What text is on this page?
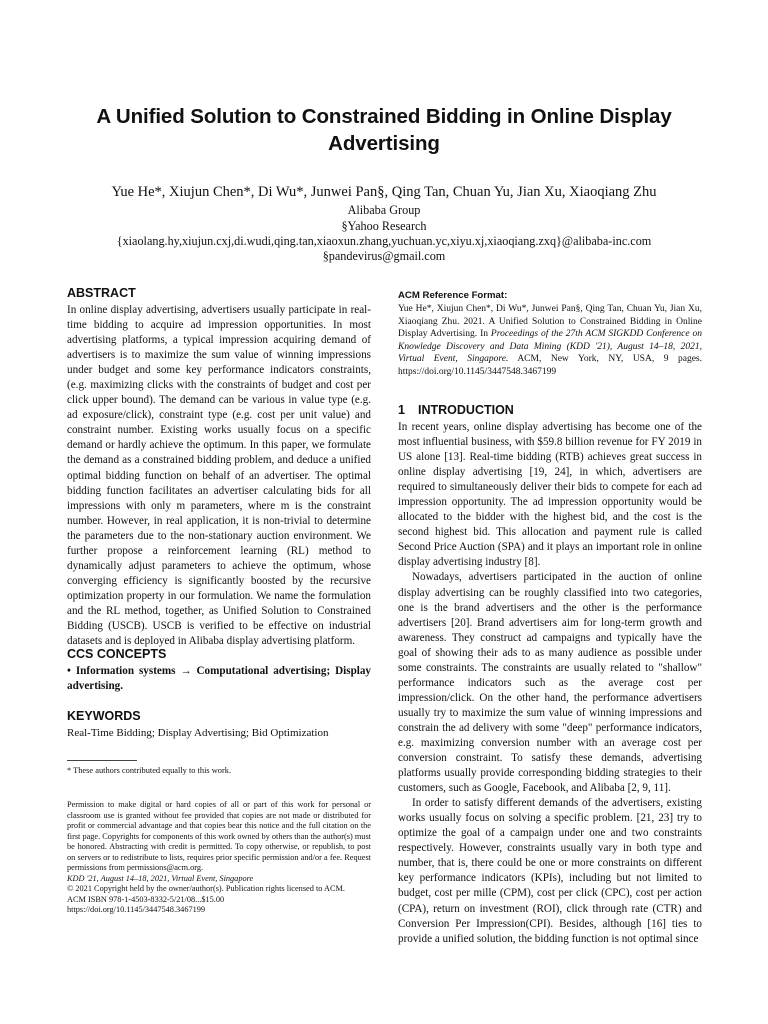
A Unified Solution to Constrained Bidding in Online Display Advertising
Yue He*, Xiujun Chen*, Di Wu*, Junwei Pan§, Qing Tan, Chuan Yu, Jian Xu, Xiaoqiang Zhu
Alibaba Group
§Yahoo Research
{xiaolang.hy,xiujun.cxj,di.wudi,qing.tan,xiaoxun.zhang,yuchuan.yc,xiyu.xj,xiaoqiang.zxq}@alibaba-inc.com
§pandevirus@gmail.com
ABSTRACT
In online display advertising, advertisers usually participate in real-time bidding to acquire ad impression opportunities. In most advertising platforms, a typical impression acquiring demand of advertisers is to maximize the sum value of winning impressions under budget and some key performance indicators constraints, (e.g. maximizing clicks with the constraints of budget and cost per click upper bound). The demand can be various in value type (e.g. ad exposure/click), constraint type (e.g. cost per unit value) and constraint number. Existing works usually focus on a specific demand or hardly achieve the optimum. In this paper, we formulate the demand as a constrained bidding problem, and deduce a unified optimal bidding function on behalf of an advertiser. The optimal bidding function facilitates an advertiser calculating bids for all impressions with only m parameters, where m is the constraint number. However, in real application, it is non-trivial to determine the parameters due to the non-stationary auction environment. We further propose a reinforcement learning (RL) method to dynamically adjust parameters to achieve the optimum, whose converging efficiency is significantly boosted by the recursive optimization property in our formulation. We name the formulation and the RL method, together, as Unified Solution to Constrained Bidding (USCB). USCB is verified to be effective on industrial datasets and is deployed in Alibaba display advertising platform.
CCS CONCEPTS
• Information systems → Computational advertising; Display advertising.
KEYWORDS
Real-Time Bidding; Display Advertising; Bid Optimization
* These authors contributed equally to this work.

Permission to make digital or hard copies of all or part of this work for personal or classroom use is granted without fee provided that copies are not made or distributed for profit or commercial advantage and that copies bear this notice and the full citation on the first page. Copyrights for components of this work owned by others than the author(s) must be honored. Abstracting with credit is permitted. To copy otherwise, or republish, to post on servers or to redistribute to lists, requires prior specific permission and/or a fee. Request permissions from permissions@acm.org.

KDD '21, August 14–18, 2021, Virtual Event, Singapore

© 2021 Copyright held by the owner/author(s). Publication rights licensed to ACM.

ACM ISBN 978-1-4503-8332-5/21/08...$15.00

https://doi.org/10.1145/3447548.3467199

ACM Reference Format:
Yue He*, Xiujun Chen*, Di Wu*, Junwei Pan§, Qing Tan, Chuan Yu, Jian Xu, Xiaoqiang Zhu. 2021. A Unified Solution to Constrained Bidding in Online Display Advertising. In Proceedings of the 27th ACM SIGKDD Conference on Knowledge Discovery and Data Mining (KDD '21), August 14–18, 2021, Virtual Event, Singapore. ACM, New York, NY, USA, 9 pages. https://doi.org/10.1145/3447548.3467199
1 INTRODUCTION

In recent years, online display advertising has become one of the most influential business, with $59.8 billion revenue for FY 2019 in US alone [13]. Real-time bidding (RTB) achieves great success in online display advertising [19, 24], in which, advertisers are required to simultaneously deliver their bids to compete for each ad impression opportunity. The ad impression opportunity would be allocated to the bidder with the highest bid, and the cost is the second highest bid. This allocation and payment rule is called Second Price Auction (SPA) and it plays an important role in online display advertising industry [8].

Nowadays, advertisers participated in the auction of online display advertising can be roughly classified into two categories, one is the brand advertisers and the other is the performance advertisers [20]. Brand advertisers aim for long-term growth and awareness. They construct ad campaigns and typically have the goal of showing their ads to as many audience as possible under some constraints. The constraints are usually related to "shallow" performance indicators such as the average cost per impression/click. On the other hand, the performance advertisers usually try to maximize the sum value of winning impressions and constrain the ad delivery with some "deep" performance indicators, e.g. maximizing conversion number with an average cost per conversion constraint. To satisfy these demands, advertising platforms usually provide corresponding bidding strategies to their customers, such as Google, Facebook, and Alibaba [2, 9, 11].

In order to satisfy different demands of the advertisers, existing works usually focus on solving a specific problem. [21, 23] try to optimize the goal of a campaign under one and two constraints respectively. However, constraints usually vary in both type and number, that is, there could be one or more constraints on different key performance indicators (KPIs), including but not limited to budget, cost per mille (CPM), cost per click (CPC), cost per action (CPA), return on investment (ROI), click through rate (CTR) and Conversion Per Impression(CPI). Besides, although [16] ties to provide a unified solution, the bidding function is not optimal since
